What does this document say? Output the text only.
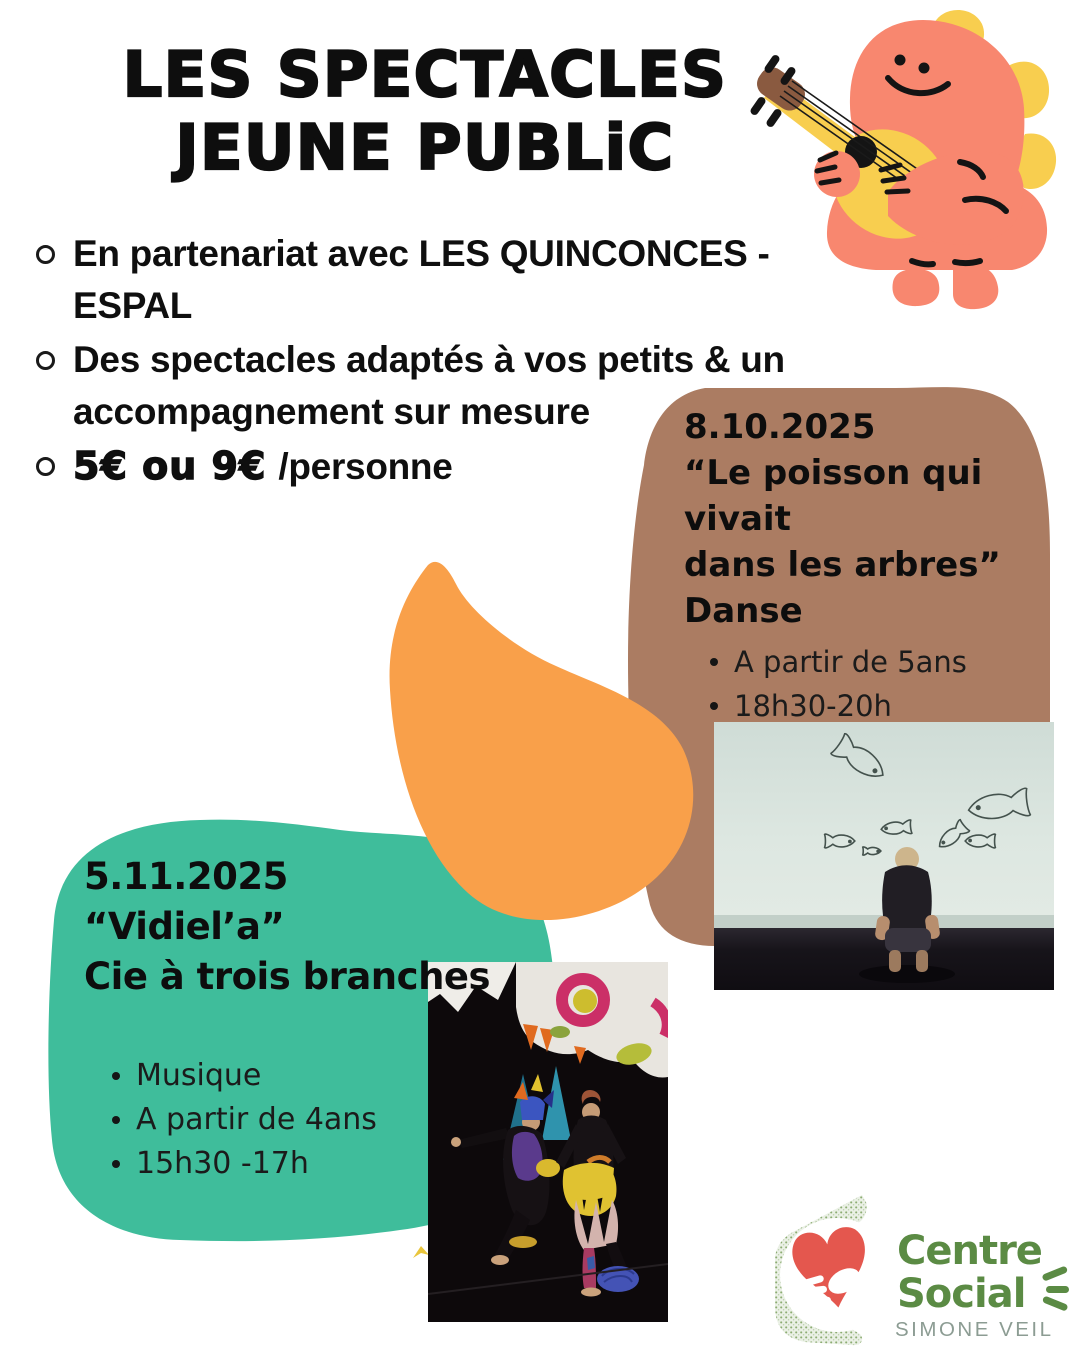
LES SPECTACLES
JEUNE PUBLiC
En partenariat avec LES QUINCONCES -
ESPAL
Des spectacles adaptés à vos petits & un
accompagnement sur mesure
5€ ou 9€ /personne
8.10.2025
“Le poisson qui vivait
dans les arbres”
Danse
A partir de 5ans
18h30-20h
5.11.2025
“Vidiel’a”
Cie à trois branches
Musique
A partir de 4ans
15h30 -17h
Centre
Social
SIMONE VEIL
